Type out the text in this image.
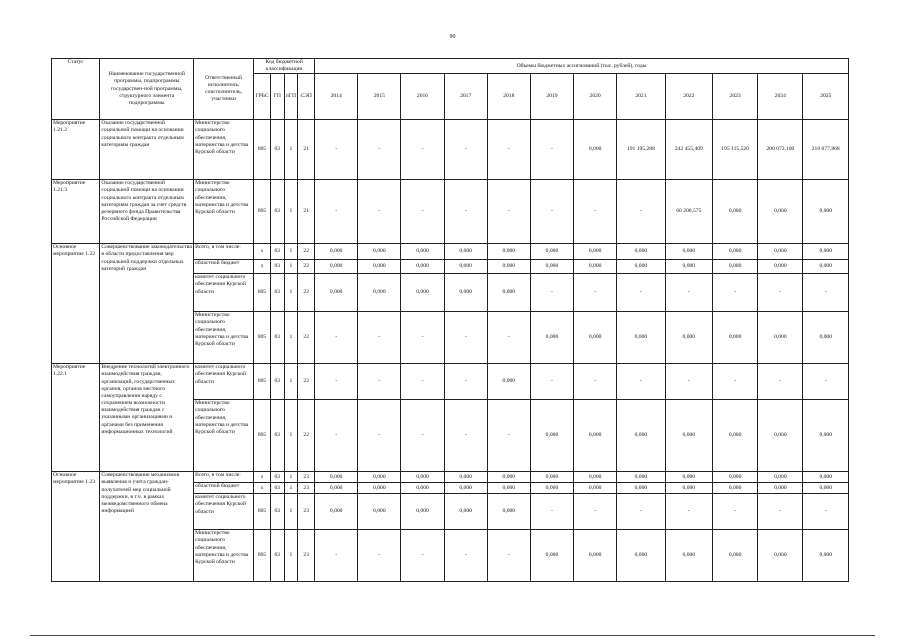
90
Статус	Наименование государственной программы, подпрограммы государствен-ной программы, структурного элемента подпрограммы	Ответственный исполнитель, соисполнитель, участники	Код бюджетной классификации				Объемы бюджетных ассигнований (тыс. рублей), годы											
			ГРБС	ГП	пГП	СЭП	2014	2015	2016	2017	2018	2019	2020	2021	2022	2023	2024	2025
Мероприятие 1.21.2	Оказание государственной социальной помощи на основании социального контракта отдельным категориям граждан	Министерство социального обеспечения, материнства и детства Курской области	805	03	1	21	-	-	-	-	-	-	0,000	191 195,288	242 455,409	195 115,520	200 072,100	216 077,868
Мероприятие 1.21.3	Оказание государственной социальной помощи на основании социального контракта отдельным категориям граждан за счет средств резервного фонда Правительства Российской Федерации	Министерство социального обеспечения, материнства и детства Курской области	805	03	1	21	-	-	-	-	-	-	-	-	60 200,575	0,000	0,000	0,000
Основное мероприятие 1.22	Совершенствование законодательства в области предоставления мер социальной поддержки отдельных категорий граждан	Всего, в том числе:	x	03	1	22	0,000	0,000	0,000	0,000	0,000	0,000	0,000	0,000	0,000	0,000	0,000	0,000
		областной бюджет	x	03	1	22	0,000	0,000	0,000	0,000	0,000	0,000	0,000	0,000	0,000	0,000	0,000	0,000
		комитет социального обеспечения Курской области	805	03	1	22	0,000	0,000	0,000	0,000	0,000	-	-	-	-	-	-	-
		Министерство социального обеспечения, материнства и детства Курской области	805	03	1	22	-	-	-	-	-	0,000	0,000	0,000	0,000	0,000	0,000	0,000
Мероприятие 1.22.1	Внедрение технологий электронного взаимодействия граждан, организаций, государственных органов, органов местного самоуправления наряду с сохранением возможности взаимодействия граждан с указанными организациями и органами без применения информационных технологий	комитет социального обеспечения Курской области	805	03	1	22	-	-	-	-	0,000	-	-	-	-	-	-	-
		Министерство социального обеспечения, материнства и детства Курской области	805	03	1	22	-	-	-	-	-	0,000	0,000	0,000	0,000	0,000	0,000	0,000
Основное мероприятие 1.23	Совершенствование механизмов выявления и учета граждан-получателей мер социальной поддержки, в т.ч. в рамках межведомственного обмена информацией	Всего, в том числе:	x	03	1	23	0,000	0,000	0,000	0,000	0,000	0,000	0,000	0,000	0,000	0,000	0,000	0,000
		областной бюджет	x	03	1	23	0,000	0,000	0,000	0,000	0,000	0,000	0,000	0,000	0,000	0,000	0,000	0,000
		комитет социального обеспечения Курской области	805	03	1	23	0,000	0,000	0,000	0,000	0,000	-	-	-	-	-	-	-
		Министерство социального обеспечения, материнства и детства Курской области	805	03	1	23	-	-	-	-	-	0,000	0,000	0,000	0,000	0,000	0,000	0,000
